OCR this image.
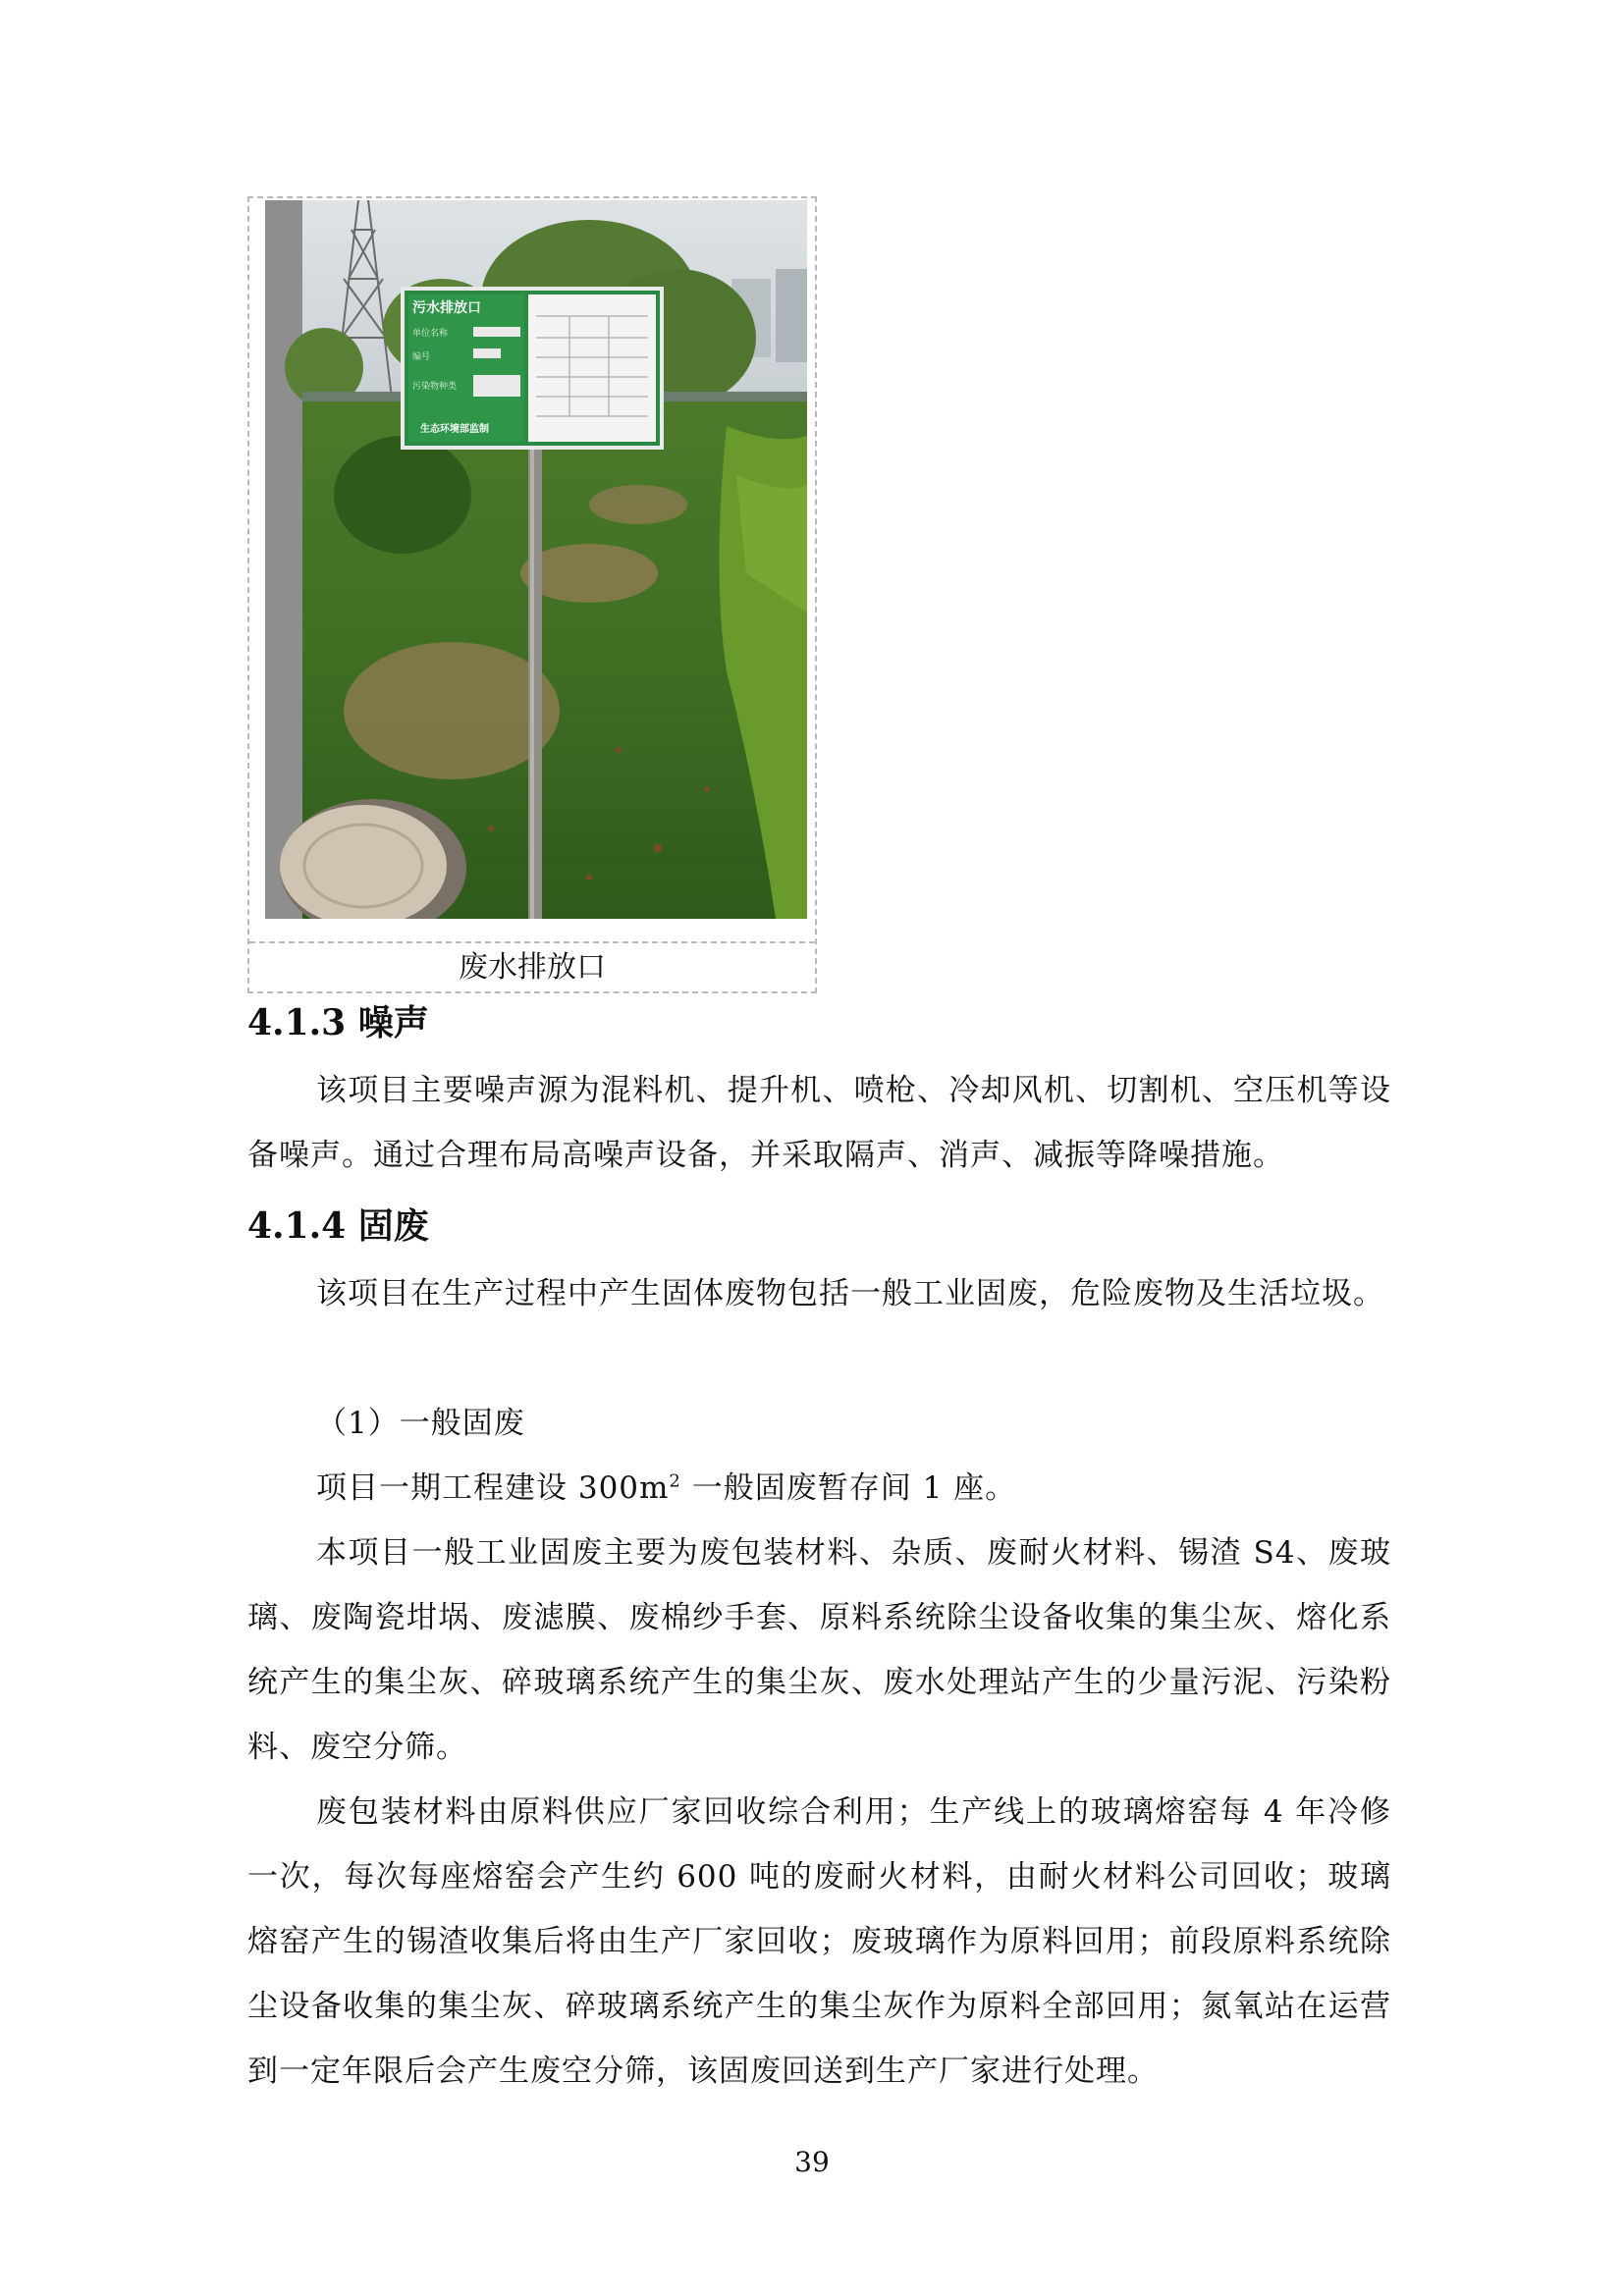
污水排放口
单位名称
编号
污染物种类
生态环境部监制
废水排放口
4.1.3 噪声
该项目主要噪声源为混料机、提升机、喷枪、冷却风机、切割机、空压机等设备噪声。通过合理布局高噪声设备，并采取隔声、消声、减振等降噪措施。
4.1.4 固废
该项目在生产过程中产生固体废物包括一般工业固废，危险废物及生活垃圾。
（1）一般固废
项目一期工程建设 $300m^2$ 一般固废暂存间 1 座。
本项目一般工业固废主要为废包装材料、杂质、废耐火材料、锡渣 S4、废玻璃、废陶瓷坩埚、废滤膜、废棉纱手套、原料系统除尘设备收集的集尘灰、熔化系统产生的集尘灰、碎玻璃系统产生的集尘灰、废水处理站产生的少量污泥、污染粉料、废空分筛。
废包装材料由原料供应厂家回收综合利用；生产线上的玻璃熔窑每 4 年冷修一次，每次每座熔窑会产生约 600 吨的废耐火材料，由耐火材料公司回收；玻璃熔窑产生的锡渣收集后将由生产厂家回收；废玻璃作为原料回用；前段原料系统除尘设备收集的集尘灰、碎玻璃系统产生的集尘灰作为原料全部回用；氮氧站在运营到一定年限后会产生废空分筛，该固废回送到生产厂家进行处理。
39
